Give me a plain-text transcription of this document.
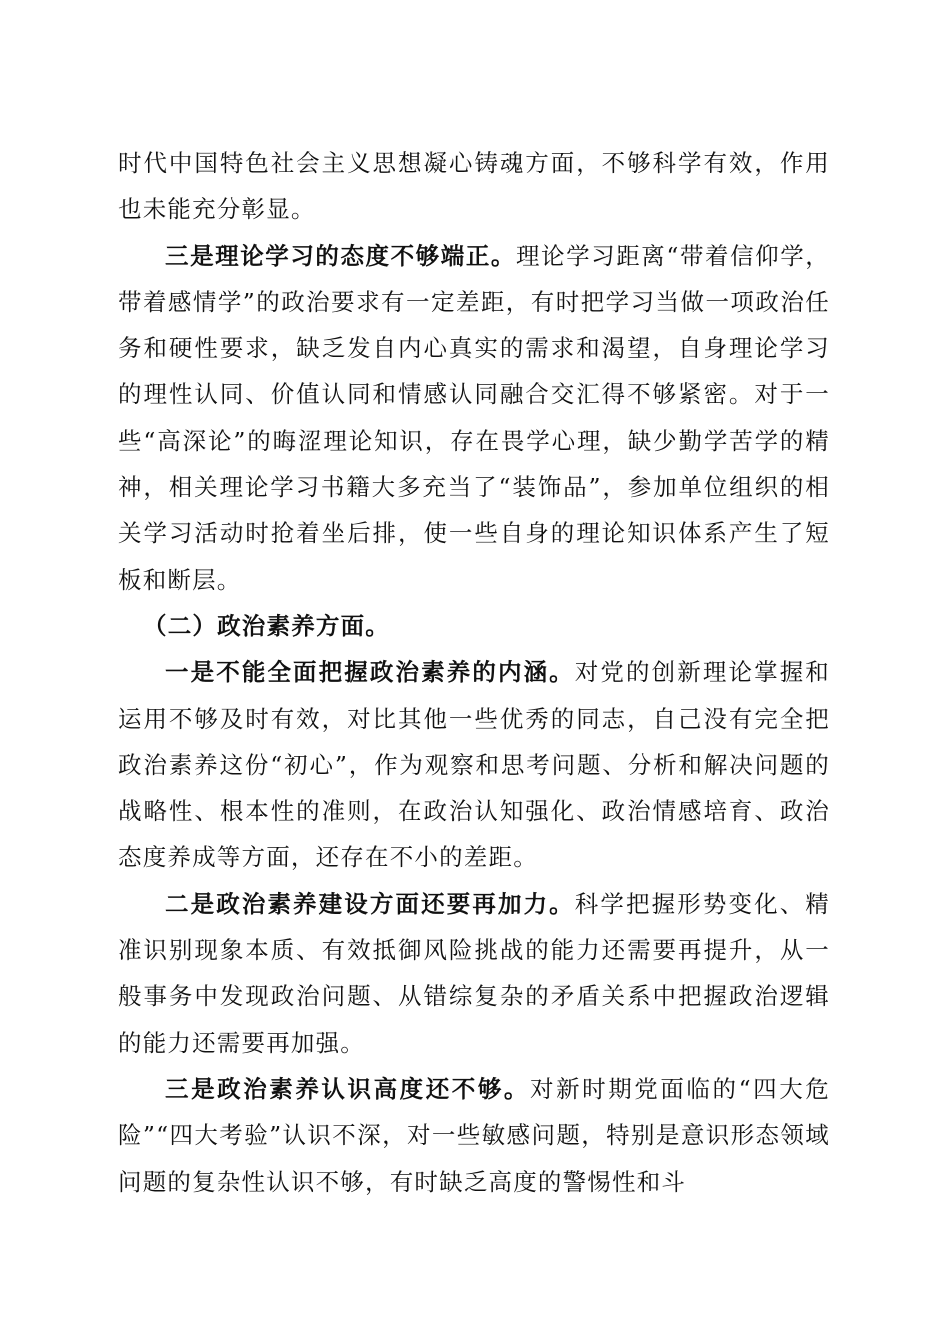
时代中国特色社会主义思想凝心铸魂方面，不够科学有效，作用也未能充分彰显。

三是理论学习的态度不够端正。理论学习距离“带着信仰学，带着感情学”的政治要求有一定差距，有时把学习当做一项政治任务和硬性要求，缺乏发自内心真实的需求和渴望，自身理论学习的理性认同、价值认同和情感认同融合交汇得不够紧密。对于一些“高深论”的晦涩理论知识，存在畏学心理，缺少勤学苦学的精神，相关理论学习书籍大多充当了“装饰品”，参加单位组织的相关学习活动时抢着坐后排，使一些自身的理论知识体系产生了短板和断层。

（二）政治素养方面。

一是不能全面把握政治素养的内涵。对党的创新理论掌握和运用不够及时有效，对比其他一些优秀的同志，自己没有完全把政治素养这份“初心”，作为观察和思考问题、分析和解决问题的战略性、根本性的准则，在政治认知强化、政治情感培育、政治态度养成等方面，还存在不小的差距。

二是政治素养建设方面还要再加力。科学把握形势变化、精准识别现象本质、有效抵御风险挑战的能力还需要再提升，从一般事务中发现政治问题、从错综复杂的矛盾关系中把握政治逻辑的能力还需要再加强。

三是政治素养认识高度还不够。对新时期党面临的“四大危险”“四大考验”认识不深，对一些敏感问题，特别是意识形态领域问题的复杂性认识不够，有时缺乏高度的警惕性和斗
